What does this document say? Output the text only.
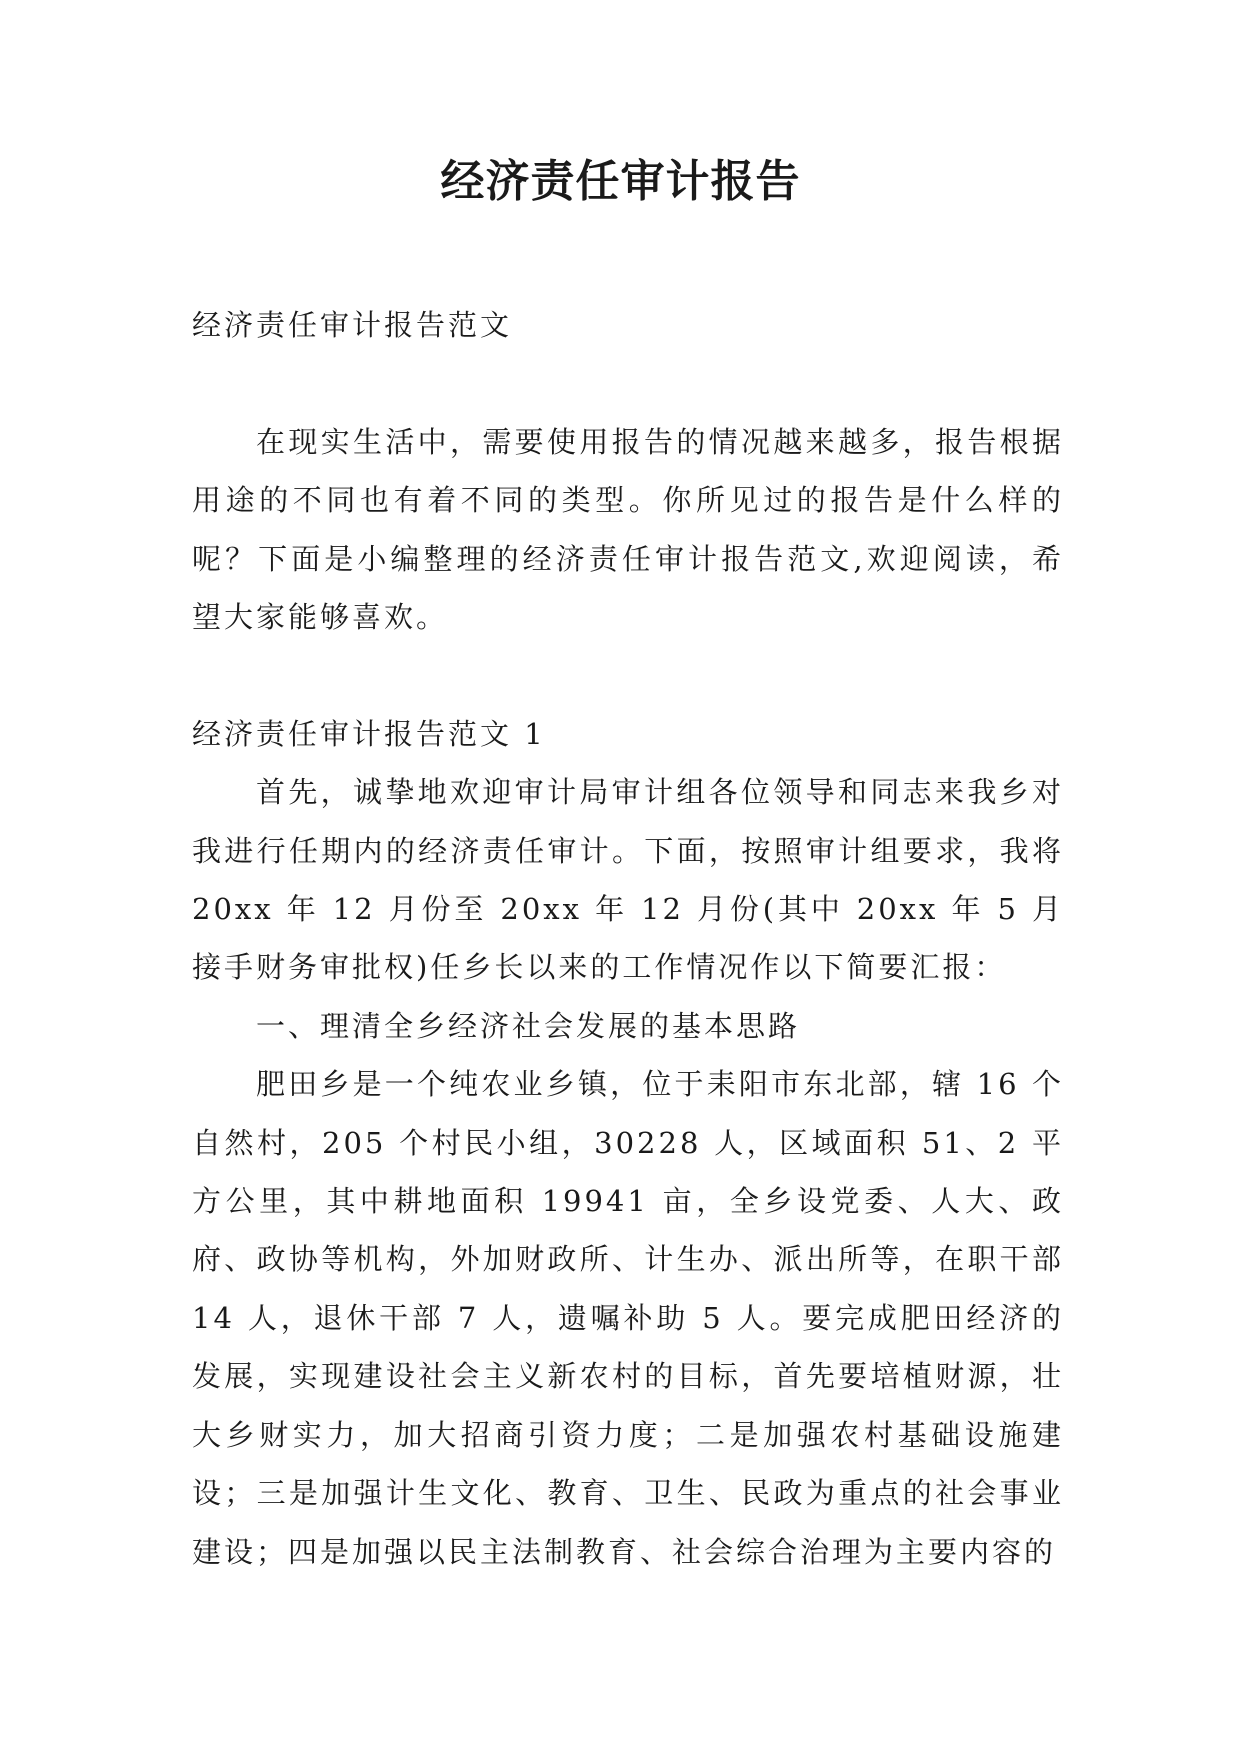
经济责任审计报告

经济责任审计报告范文

在现实生活中，需要使用报告的情况越来越多，报告根据用途的不同也有着不同的类型。你所见过的报告是什么样的呢？下面是小编整理的经济责任审计报告范文,欢迎阅读，希望大家能够喜欢。

经济责任审计报告范文 1

首先，诚挚地欢迎审计局审计组各位领导和同志来我乡对我进行任期内的经济责任审计。下面，按照审计组要求，我将 20xx 年 12 月份至 20xx 年 12 月份(其中 20xx 年 5 月接手财务审批权)任乡长以来的工作情况作以下简要汇报：

一、理清全乡经济社会发展的基本思路

肥田乡是一个纯农业乡镇，位于耒阳市东北部，辖 16 个自然村，205 个村民小组，30228 人，区域面积 51、2 平方公里，其中耕地面积 19941 亩，全乡设党委、人大、政府、政协等机构，外加财政所、计生办、派出所等，在职干部 14 人，退休干部 7 人，遗嘱补助 5 人。要完成肥田经济的发展，实现建设社会主义新农村的目标，首先要培植财源，壮大乡财实力，加大招商引资力度；二是加强农村基础设施建设；三是加强计生文化、教育、卫生、民政为重点的社会事业建设；四是加强以民主法制教育、社会综合治理为主要内容的
